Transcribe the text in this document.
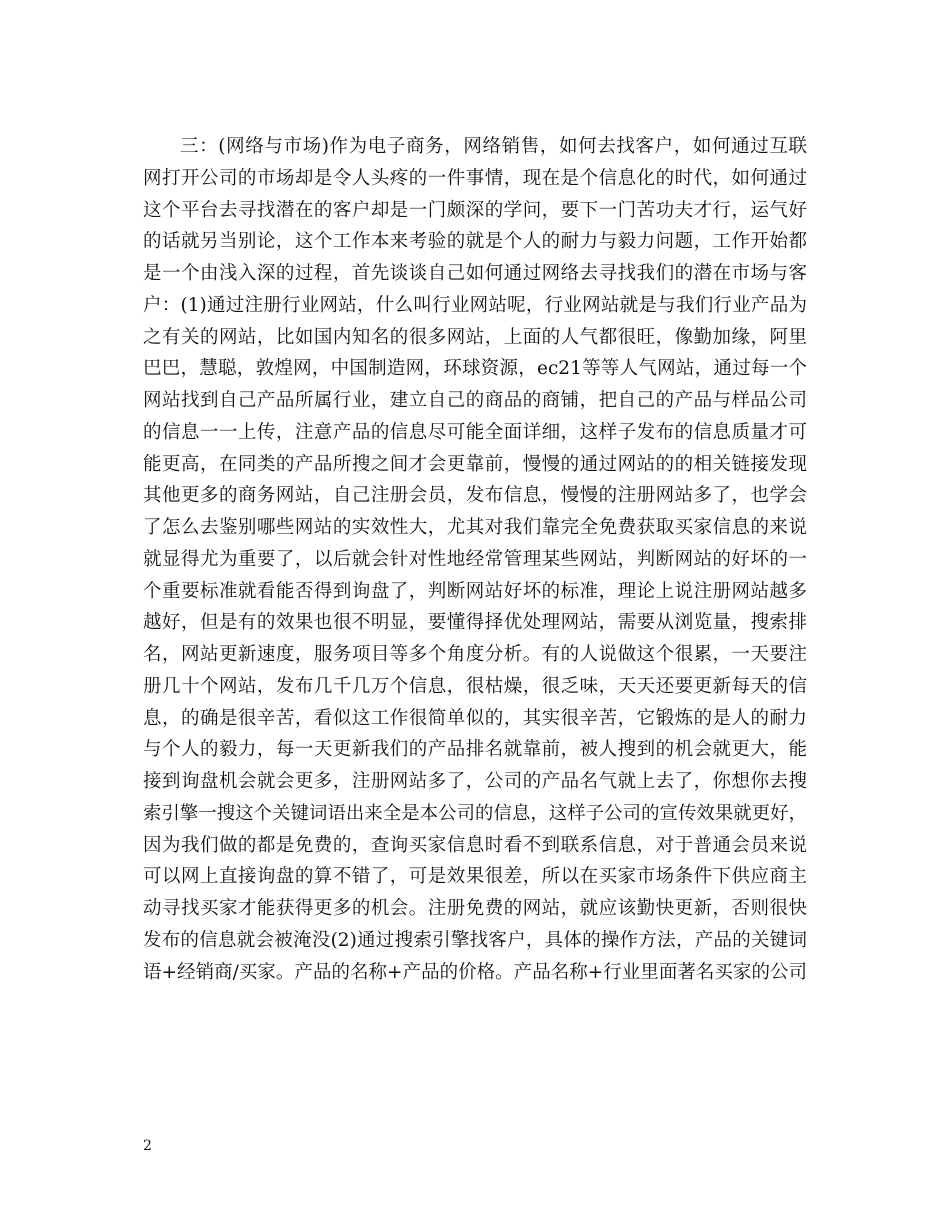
三：(网络与市场)作为电子商务，网络销售，如何去找客户，如何通过互联
网打开公司的市场却是令人头疼的一件事情，现在是个信息化的时代，如何通过
这个平台去寻找潜在的客户却是一门颇深的学问，要下一门苦功夫才行，运气好
的话就另当别论，这个工作本来考验的就是个人的耐力与毅力问题，工作开始都
是一个由浅入深的过程，首先谈谈自己如何通过网络去寻找我们的潜在市场与客
户：(1)通过注册行业网站，什么叫行业网站呢，行业网站就是与我们行业产品为
之有关的网站，比如国内知名的很多网站，上面的人气都很旺，像勤加缘，阿里
巴巴，慧聪，敦煌网，中国制造网，环球资源，ec21等等人气网站，通过每一个
网站找到自己产品所属行业，建立自己的商品的商铺，把自己的产品与样品公司
的信息一一上传，注意产品的信息尽可能全面详细，这样子发布的信息质量才可
能更高，在同类的产品所搜之间才会更靠前，慢慢的通过网站的的相关链接发现
其他更多的商务网站，自己注册会员，发布信息，慢慢的注册网站多了，也学会
了怎么去鉴别哪些网站的实效性大，尤其对我们靠完全免费获取买家信息的来说
就显得尤为重要了，以后就会针对性地经常管理某些网站，判断网站的好坏的一
个重要标准就看能否得到询盘了，判断网站好坏的标准，理论上说注册网站越多
越好，但是有的效果也很不明显，要懂得择优处理网站，需要从浏览量，搜索排
名，网站更新速度，服务项目等多个角度分析。有的人说做这个很累，一天要注
册几十个网站，发布几千几万个信息，很枯燥，很乏味，天天还要更新每天的信
息，的确是很辛苦，看似这工作很简单似的，其实很辛苦，它锻炼的是人的耐力
与个人的毅力，每一天更新我们的产品排名就靠前，被人搜到的机会就更大，能
接到询盘机会就会更多，注册网站多了，公司的产品名气就上去了，你想你去搜
索引擎一搜这个关键词语出来全是本公司的信息，这样子公司的宣传效果就更好，
因为我们做的都是免费的，查询买家信息时看不到联系信息，对于普通会员来说
可以网上直接询盘的算不错了，可是效果很差，所以在买家市场条件下供应商主
动寻找买家才能获得更多的机会。注册免费的网站，就应该勤快更新，否则很快
发布的信息就会被淹没(2)通过搜索引擎找客户，具体的操作方法，产品的关键词
语+经销商/买家。产品的名称+产品的价格。产品名称+行业里面著名买家的公司
2
